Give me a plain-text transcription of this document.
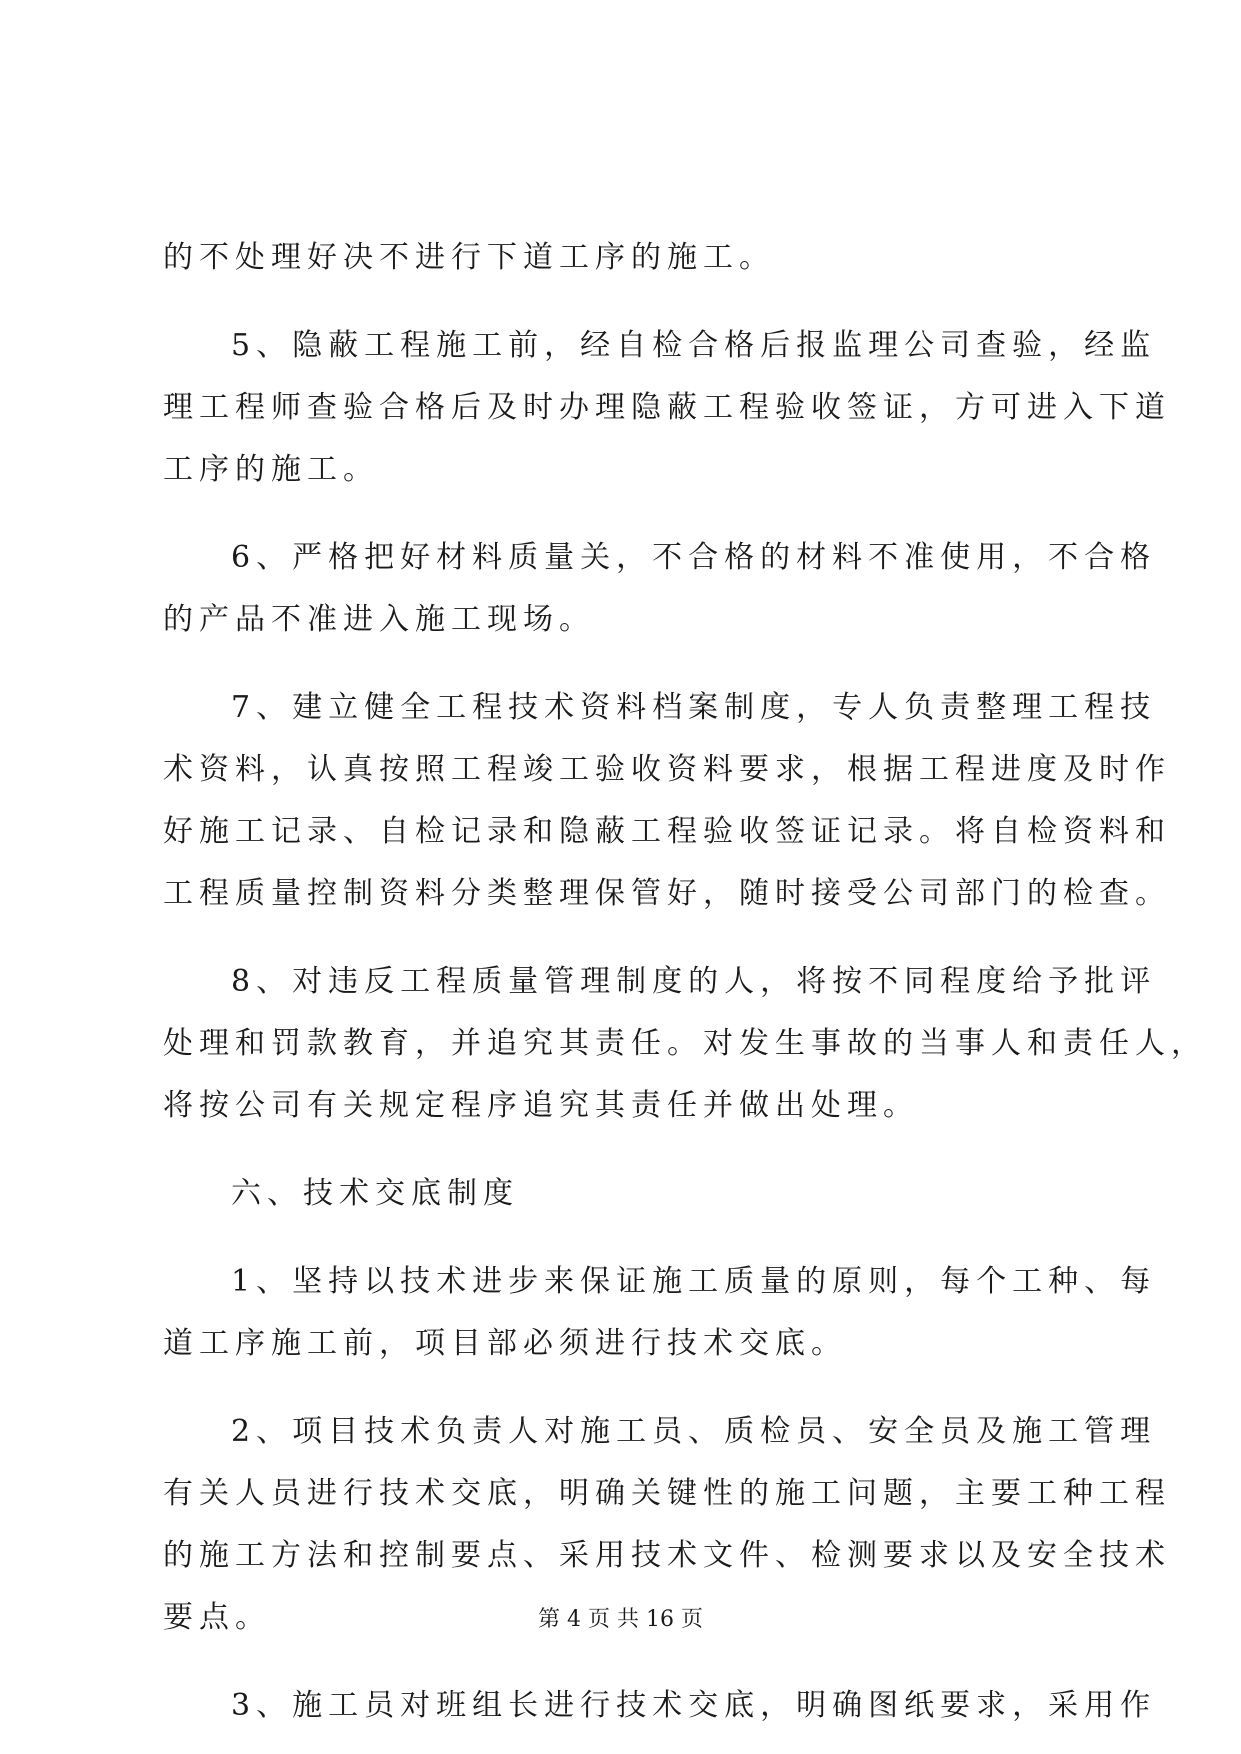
的不处理好决不进行下道工序的施工。
5、隐蔽工程施工前，经自检合格后报监理公司查验，经监
理工程师查验合格后及时办理隐蔽工程验收签证，方可进入下道
工序的施工。
6、严格把好材料质量关，不合格的材料不准使用，不合格
的产品不准进入施工现场。
7、建立健全工程技术资料档案制度，专人负责整理工程技
术资料，认真按照工程竣工验收资料要求，根据工程进度及时作
好施工记录、自检记录和隐蔽工程验收签证记录。将自检资料和
工程质量控制资料分类整理保管好，随时接受公司部门的检查。
8、对违反工程质量管理制度的人，将按不同程度给予批评
处理和罚款教育，并追究其责任。对发生事故的当事人和责任人，
将按公司有关规定程序追究其责任并做出处理。
六、技术交底制度
1、坚持以技术进步来保证施工质量的原则，每个工种、每
道工序施工前，项目部必须进行技术交底。
2、项目技术负责人对施工员、质检员、安全员及施工管理
有关人员进行技术交底，明确关键性的施工问题，主要工种工程
的施工方法和控制要点、采用技术文件、检测要求以及安全技术
要点。
3、施工员对班组长进行技术交底，明确图纸要求，采用作
第 4 页 共 16 页
